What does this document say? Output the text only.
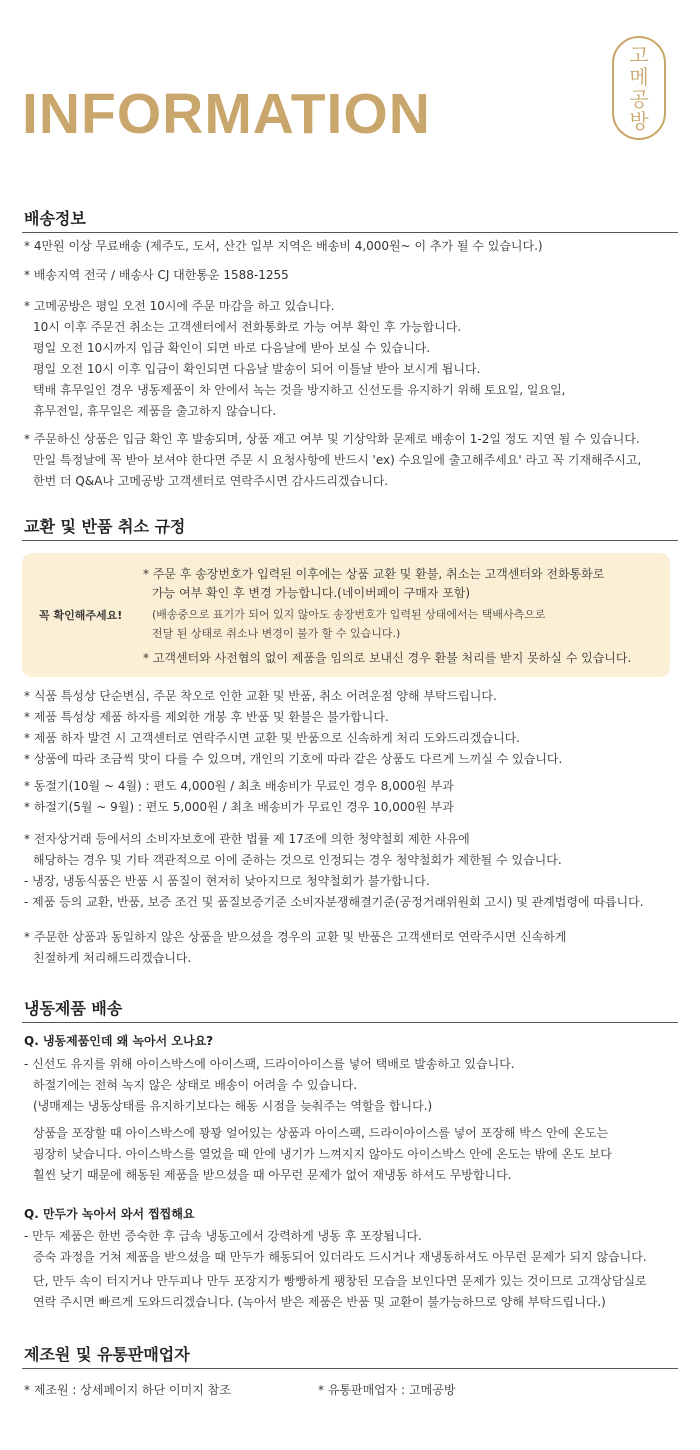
INFORMATION
고
메
공
방
배송정보
* 4만원 이상 무료배송 (제주도, 도서, 산간 일부 지역은 배송비 4,000원~ 이 추가 될 수 있습니다.)
* 배송지역 전국 / 배송사 CJ 대한통운 1588-1255
* 고메공방은 평일 오전 10시에 주문 마감을 하고 있습니다.
10시 이후 주문건 취소는 고객센터에서 전화통화로 가능 여부 확인 후 가능합니다.
평일 오전 10시까지 입금 확인이 되면 바로 다음날에 받아 보실 수 있습니다.
평일 오전 10시 이후 입금이 확인되면 다음날 발송이 되어 이틀날 받아 보시게 됩니다.
택배 휴무일인 경우 냉동제품이 차 안에서 녹는 것을 방지하고 신선도를 유지하기 위해 토요일, 일요일,
휴무전일, 휴무일은 제품을 출고하지 않습니다.
* 주문하신 상품은 입금 확인 후 발송되며, 상품 재고 여부 및 기상악화 문제로 배송이 1-2일 정도 지연 될 수 있습니다.
만일 특정날에 꼭 받아 보셔야 한다면 주문 시 요청사항에 반드시 'ex) 수요일에 출고해주세요' 라고 꼭 기재해주시고,
한번 더 Q&A나 고메공방 고객센터로 연락주시면 감사드리겠습니다.
교환 및 반품 취소 규정
꼭 확인해주세요!
* 주문 후 송장번호가 입력된 이후에는 상품 교환 및 환불, 취소는 고객센터와 전화통화로
가능 여부 확인 후 변경 가능합니다.(네이버페이 구매자 포함)
(배송중으로 표기가 되어 있지 않아도 송장번호가 입력된 상태에서는 택배사측으로
전달 된 상태로 취소나 변경이 불가 할 수 있습니다.)
* 고객센터와 사전협의 없이 제품을 임의로 보내신 경우 환불 처리를 받지 못하실 수 있습니다.
* 식품 특성상 단순변심, 주문 착오로 인한 교환 및 반품, 취소 어려운점 양해 부탁드립니다.
* 제품 특성상 제품 하자를 제외한 개봉 후 반품 및 환불은 불가합니다.
* 제품 하자 발견 시 고객센터로 연락주시면 교환 및 반품으로 신속하게 처리 도와드리겠습니다.
* 상품에 따라 조금씩 맛이 다를 수 있으며, 개인의 기호에 따라 같은 상품도 다르게 느끼실 수 있습니다.
* 동절기(10월 ~ 4월) : 편도 4,000원 / 최초 배송비가 무료인 경우 8,000원 부과
* 하절기(5월 ~ 9월) : 편도 5,000원 / 최초 배송비가 무료인 경우 10,000원 부과
* 전자상거래 등에서의 소비자보호에 관한 법률 제 17조에 의한 청약철회 제한 사유에
해당하는 경우 및 기타 객관적으로 이에 준하는 것으로 인정되는 경우 청약철회가 제한될 수 있습니다.
- 냉장, 냉동식품은 반품 시 품질이 현저히 낮아지므로 청약철회가 불가합니다.
- 제품 등의 교환, 반품, 보증 조건 및 품질보증기준 소비자분쟁해결기준(공정거래위원회 고시) 및 관계법령에 따릅니다.
* 주문한 상품과 동일하지 않은 상품을 받으셨을 경우의 교환 및 반품은 고객센터로 연락주시면 신속하게
친절하게 처리해드리겠습니다.
냉동제품 배송
Q. 냉동제품인데 왜 녹아서 오나요?
- 신선도 유지를 위해 아이스박스에 아이스팩, 드라이아이스를 넣어 택배로 발송하고 있습니다.
하절기에는 전혀 녹지 않은 상태로 배송이 어려울 수 있습니다.
(냉매제는 냉동상태를 유지하기보다는 해동 시점을 늦춰주는 역할을 합니다.)
상품을 포장할 때 아이스박스에 꽝꽝 얼어있는 상품과 아이스팩, 드라이아이스를 넣어 포장해 박스 안에 온도는
굉장히 낮습니다. 아이스박스를 열었을 때 안에 냉기가 느껴지지 않아도 아이스박스 안에 온도는 밖에 온도 보다
훨씬 낮기 때문에 해동된 제품을 받으셨을 때 아무런 문제가 없어 재냉동 하셔도 무방합니다.
Q. 만두가 녹아서 와서 찝찝해요
- 만두 제품은 한번 증숙한 후 급속 냉동고에서 강력하게 냉동 후 포장됩니다.
증숙 과정을 거쳐 제품을 받으셨을 때 만두가 해동되어 있더라도 드시거나 재냉동하셔도 아무런 문제가 되지 않습니다.
단, 만두 속이 터지거나 만두피나 만두 포장지가 빵빵하게 팽창된 모습을 보인다면 문제가 있는 것이므로 고객상담실로
연락 주시면 빠르게 도와드리겠습니다. (녹아서 받은 제품은 반품 및 교환이 불가능하므로 양해 부탁드립니다.)
제조원 및 유통판매업자
* 제조원 : 상세페이지 하단 이미지 참조	* 유통판매업자 : 고메공방
